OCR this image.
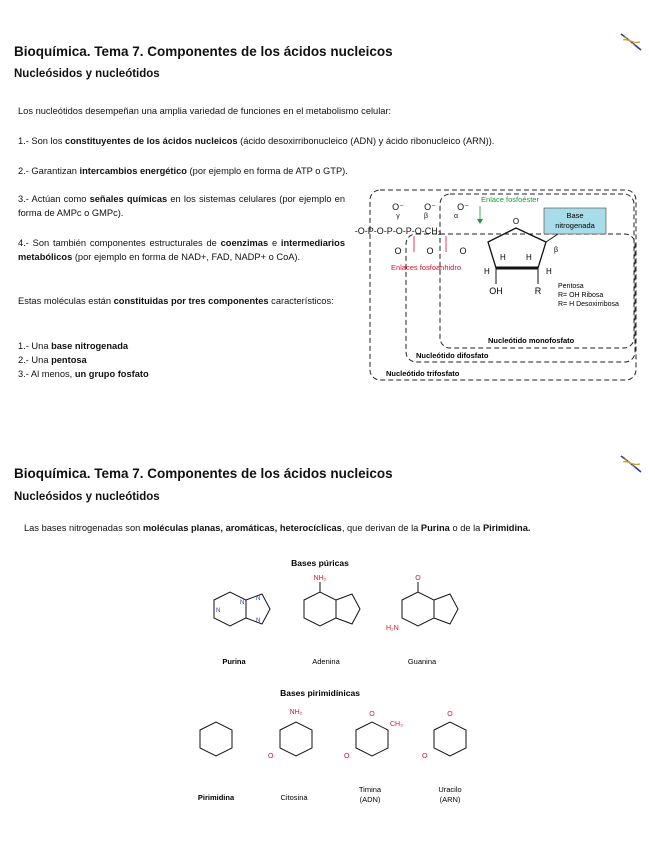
Bioquímica. Tema 7. Componentes de los ácidos nucleicos
Nucleósidos y nucleótidos
Los nucleótidos desempeñan una amplia variedad de funciones en el metabolismo celular:
1.- Son los constituyentes de los ácidos nucleicos (ácido desoxirribonucleico (ADN) y ácido ribonucleico (ARN)).
2.- Garantizan intercambios energético (por ejemplo en forma de ATP o GTP).
3.- Actúan como señales químicas en los sistemas celulares (por ejemplo en forma de AMPc o GMPc).
4.- Son también componentes estructurales de coenzimas e intermediarios metabólicos (por ejemplo en forma de NAD+, FAD, NADP+ o CoA).
Estas moléculas están constituidas por tres componentes característicos:
1.- Una base nitrogenada
2.- Una pentosa
3.- Al menos, un grupo fosfato	Nucleótido trifosfato
Nucleótido difosfato
Nucleótido monofosfato
Enlace fosfoéster
γ	β	α
O⁻ O⁻ O⁻
-O-P-O-P-O-P-O-CH₂
O	O	O
Enlaces fosfoanhidro
O
OH	R
H	H
H	H
Base
nitrogenada
β
Pentosa
R= OH Ribosa
R= H Desoxirribosa
Bioquímica. Tema 7. Componentes de los ácidos nucleicos
Nucleósidos y nucleótidos
Las bases nitrogenadas son moléculas planas, aromáticas, heterocíclicas, que derivan de la Purina o de la Pirimidina.
Bases púricas
N
N
N
N
Purina
NH₂
Adenina
O
H₂N
Guanina
Bases pirimidínicas
Pirimidina
NH₂
O
Citosina
O
CH₃
O
Timina
(ADN)
O
O
Uracilo
(ARN)
